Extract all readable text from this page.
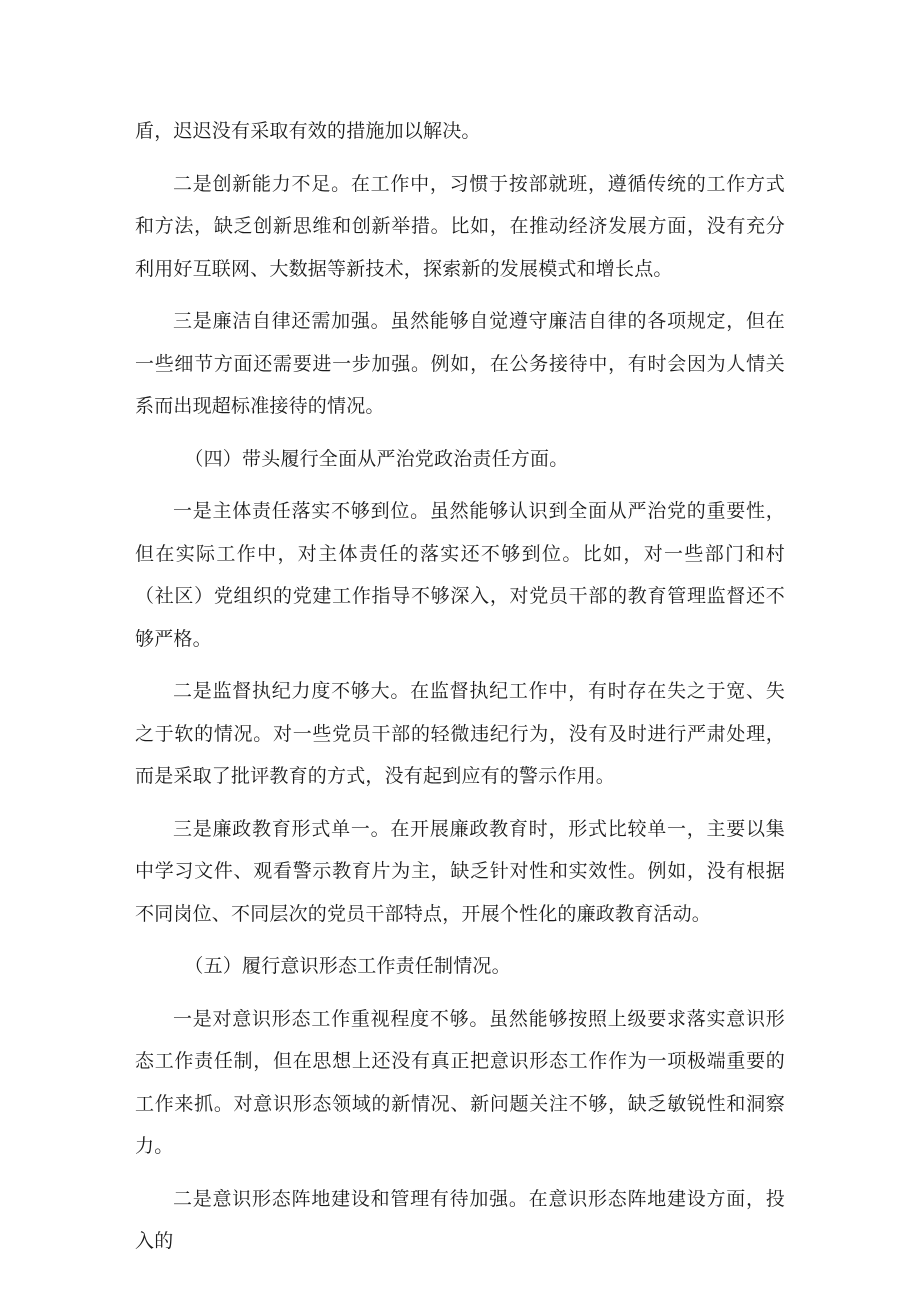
盾，迟迟没有采取有效的措施加以解决。

二是创新能力不足。在工作中，习惯于按部就班，遵循传统的工作方式和方法，缺乏创新思维和创新举措。比如，在推动经济发展方面，没有充分利用好互联网、大数据等新技术，探索新的发展模式和增长点。

三是廉洁自律还需加强。虽然能够自觉遵守廉洁自律的各项规定，但在一些细节方面还需要进一步加强。例如，在公务接待中，有时会因为人情关系而出现超标准接待的情况。

（四）带头履行全面从严治党政治责任方面。

一是主体责任落实不够到位。虽然能够认识到全面从严治党的重要性，但在实际工作中，对主体责任的落实还不够到位。比如，对一些部门和村（社区）党组织的党建工作指导不够深入，对党员干部的教育管理监督还不够严格。

二是监督执纪力度不够大。在监督执纪工作中，有时存在失之于宽、失之于软的情况。对一些党员干部的轻微违纪行为，没有及时进行严肃处理，而是采取了批评教育的方式，没有起到应有的警示作用。

三是廉政教育形式单一。在开展廉政教育时，形式比较单一，主要以集中学习文件、观看警示教育片为主，缺乏针对性和实效性。例如，没有根据不同岗位、不同层次的党员干部特点，开展个性化的廉政教育活动。

（五）履行意识形态工作责任制情况。

一是对意识形态工作重视程度不够。虽然能够按照上级要求落实意识形态工作责任制，但在思想上还没有真正把意识形态工作作为一项极端重要的工作来抓。对意识形态领域的新情况、新问题关注不够，缺乏敏锐性和洞察力。

二是意识形态阵地建设和管理有待加强。在意识形态阵地建设方面，投入的
